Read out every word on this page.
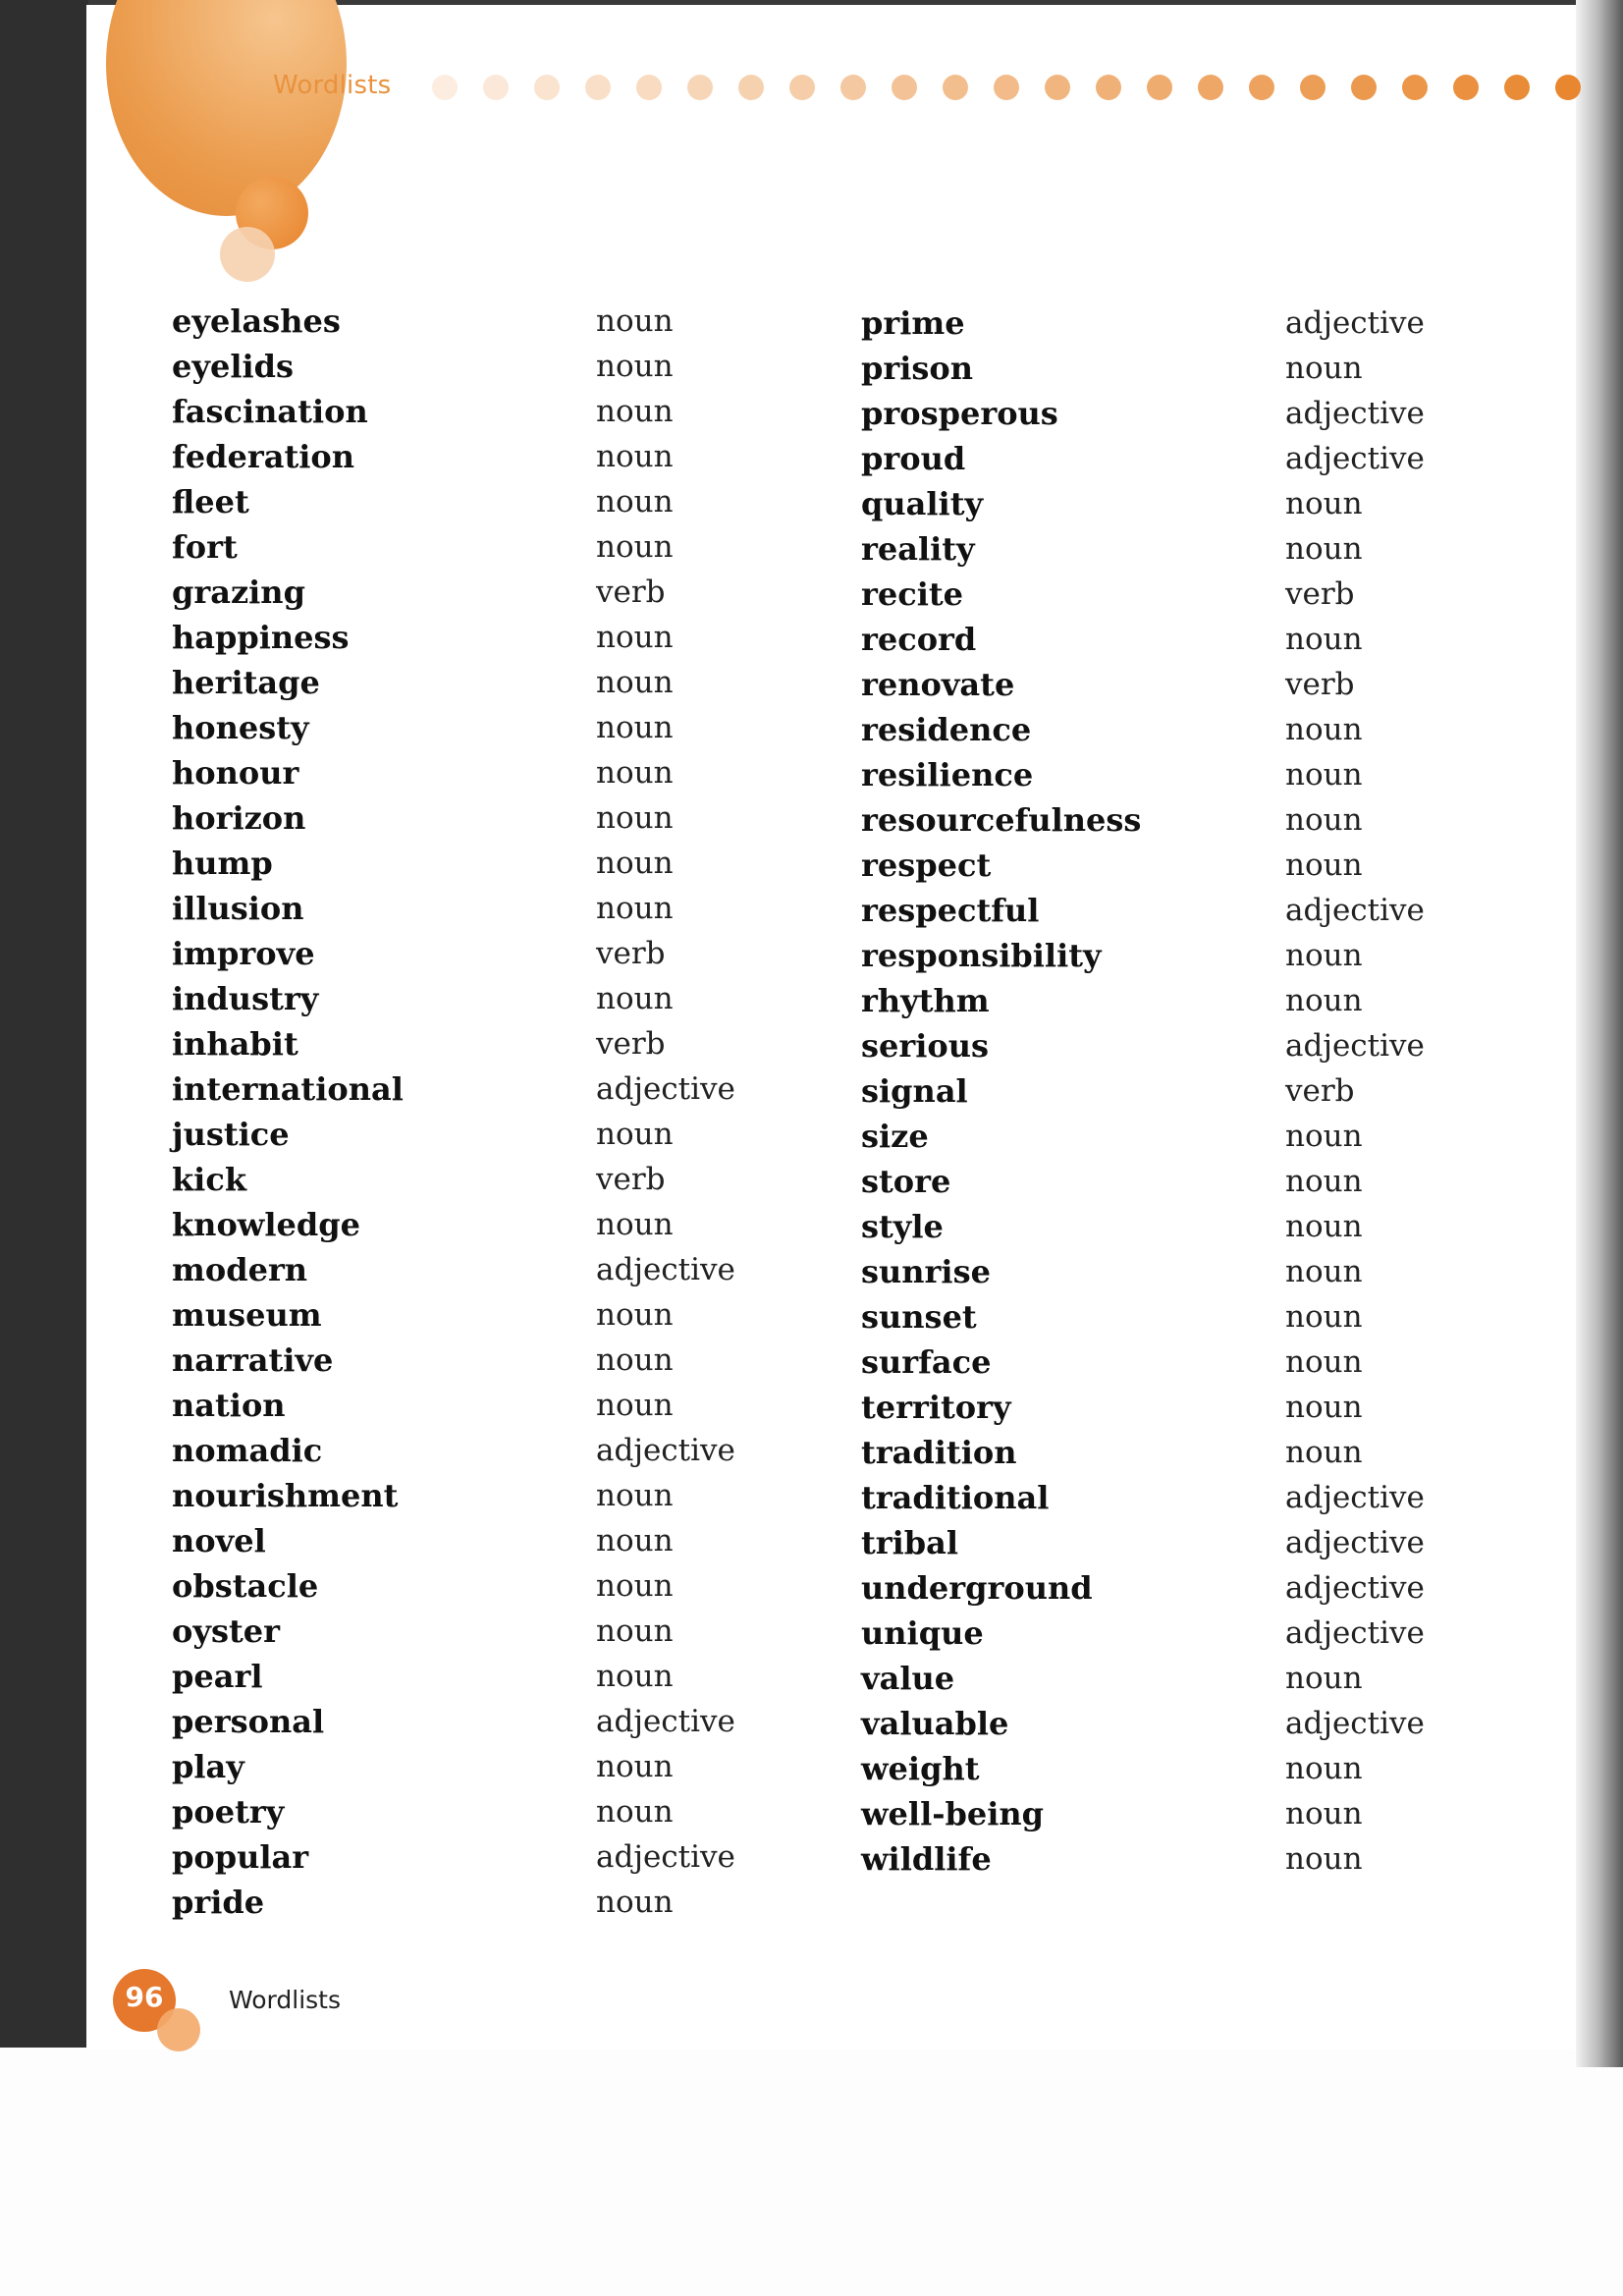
Wordlists
eyelashes	noun
eyelids	noun
fascination	noun
federation	noun
fleet	noun
fort	noun
grazing	verb
happiness	noun
heritage	noun
honesty	noun
honour	noun
horizon	noun
hump	noun
illusion	noun
improve	verb
industry	noun
inhabit	verb
international	adjective
justice	noun
kick	verb
knowledge	noun
modern	adjective
museum	noun
narrative	noun
nation	noun
nomadic	adjective
nourishment	noun
novel	noun
obstacle	noun
oyster	noun
pearl	noun
personal	adjective
play	noun
poetry	noun
popular	adjective
pride	noun
prime	adjective
prison	noun
prosperous	adjective
proud	adjective
quality	noun
reality	noun
recite	verb
record	noun
renovate	verb
residence	noun
resilience	noun
resourcefulness	noun
respect	noun
respectful	adjective
responsibility	noun
rhythm	noun
serious	adjective
signal	verb
size	noun
store	noun
style	noun
sunrise	noun
sunset	noun
surface	noun
territory	noun
tradition	noun
traditional	adjective
tribal	adjective
underground	adjective
unique	adjective
value	noun
valuable	adjective
weight	noun
well-being	noun
wildlife	noun
96	Wordlists
